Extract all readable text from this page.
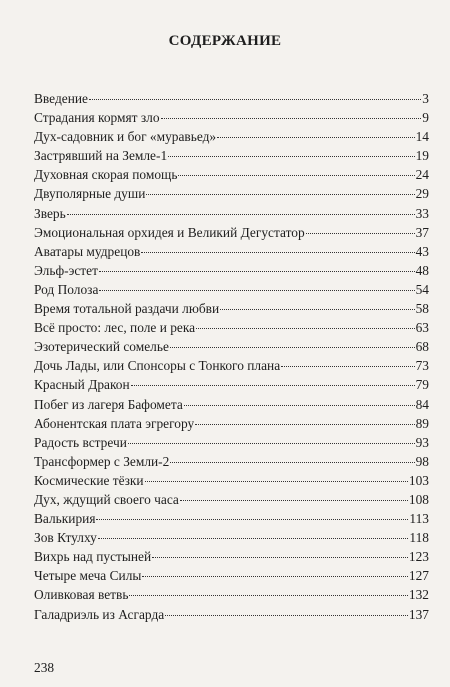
СОДЕРЖАНИЕ
Введение	3
Страдания кормят зло	9
Дух-садовник и бог «муравьед»	14
Застрявший на Земле-1	19
Духовная скорая помощь	24
Двуполярные души	29
Зверь	33
Эмоциональная орхидея и Великий Дегустатор	37
Аватары мудрецов	43
Эльф-эстет	48
Род Полоза	54
Время тотальной раздачи любви	58
Всё просто: лес, поле и река	63
Эзотерический сомелье	68
Дочь Лады, или Спонсоры с Тонкого плана	73
Красный Дракон	79
Побег из лагеря Бафомета	84
Абонентская плата эгрегору	89
Радость встречи	93
Трансформер с Земли-2	98
Космические тёзки	103
Дух, ждущий своего часа	108
Валькирия	113
Зов Ктулху	118
Вихрь над пустыней	123
Четыре меча Силы	127
Оливковая ветвь	132
Галадриэль из Асгарда	137
238
